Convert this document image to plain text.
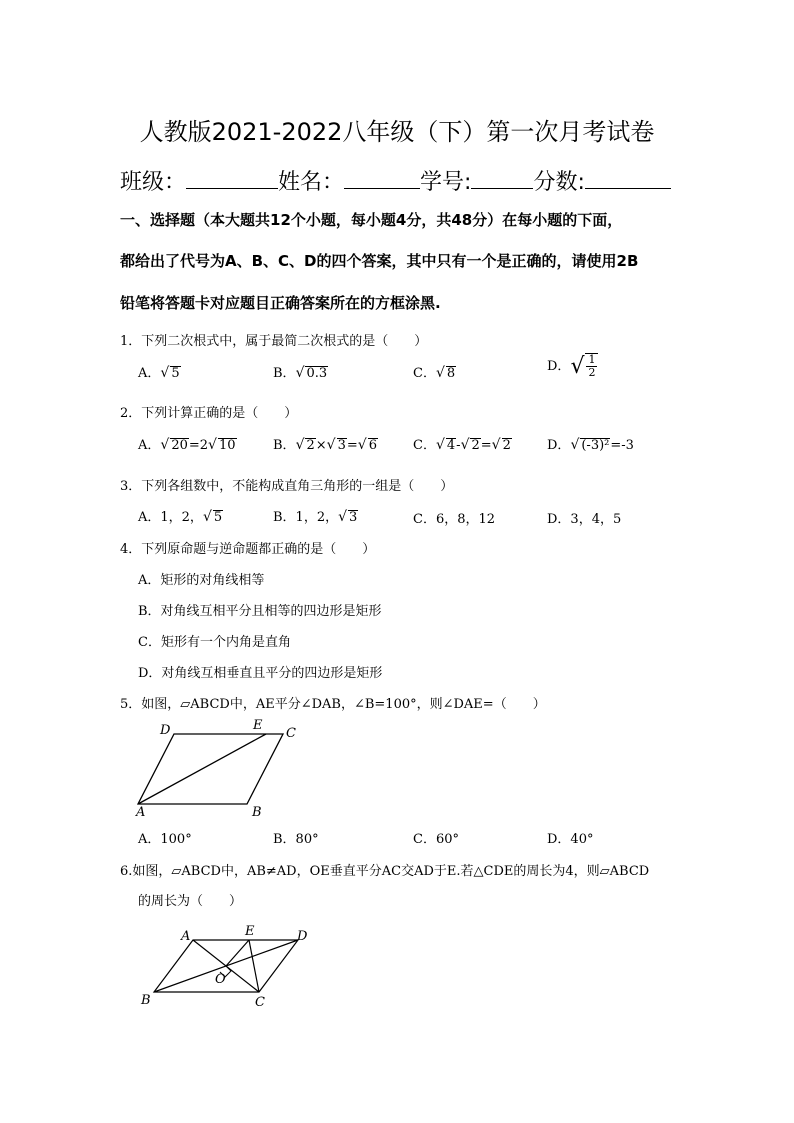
人教版2021-2022八年级（下）第一次月考试卷
班级：	姓名：	学号:	分数:
一、选择题（本大题共12个小题，每小题4分，共48分）在每小题的下面，
都给出了代号为A、B、C、D的四个答案，其中只有一个是正确的，请使用2B
铅笔将答题卡对应题目正确答案所在的方框涂黑.
1．下列二次根式中，属于最简二次根式的是（　　）
A．√ 5	B．√ 0.3	C．√ 8	D．√ $\frac{1}{2}$
2．下列计算正确的是（　　）
A．√ 20=2√ 10	B．√ 2×√ 3=√ 6	C．√ 4-√ 2=√ 2	D．√ (-3)²=-3
3．下列各组数中，不能构成直角三角形的一组是（　　）
A．1，2，√ 5	B．1，2，√ 3	C．6，8，12	D．3，4，5
4．下列原命题与逆命题都正确的是（　　）
A．矩形的对角线相等
B．对角线互相平分且相等的四边形是矩形
C．矩形有一个内角是直角
D．对角线互相垂直且平分的四边形是矩形
5．如图，▱ABCD中，AE平分∠DAB，∠B=100°，则∠DAE=（　　）
D	E
C
A	B
A．100°	B．80°	C．60°	D．40°
6.如图，▱ABCD中，AB≠AD，OE垂直平分AC交AD于E.若△CDE的周长为4，则▱ABCD
的周长为（　　）
A	E	D
O
B	C
